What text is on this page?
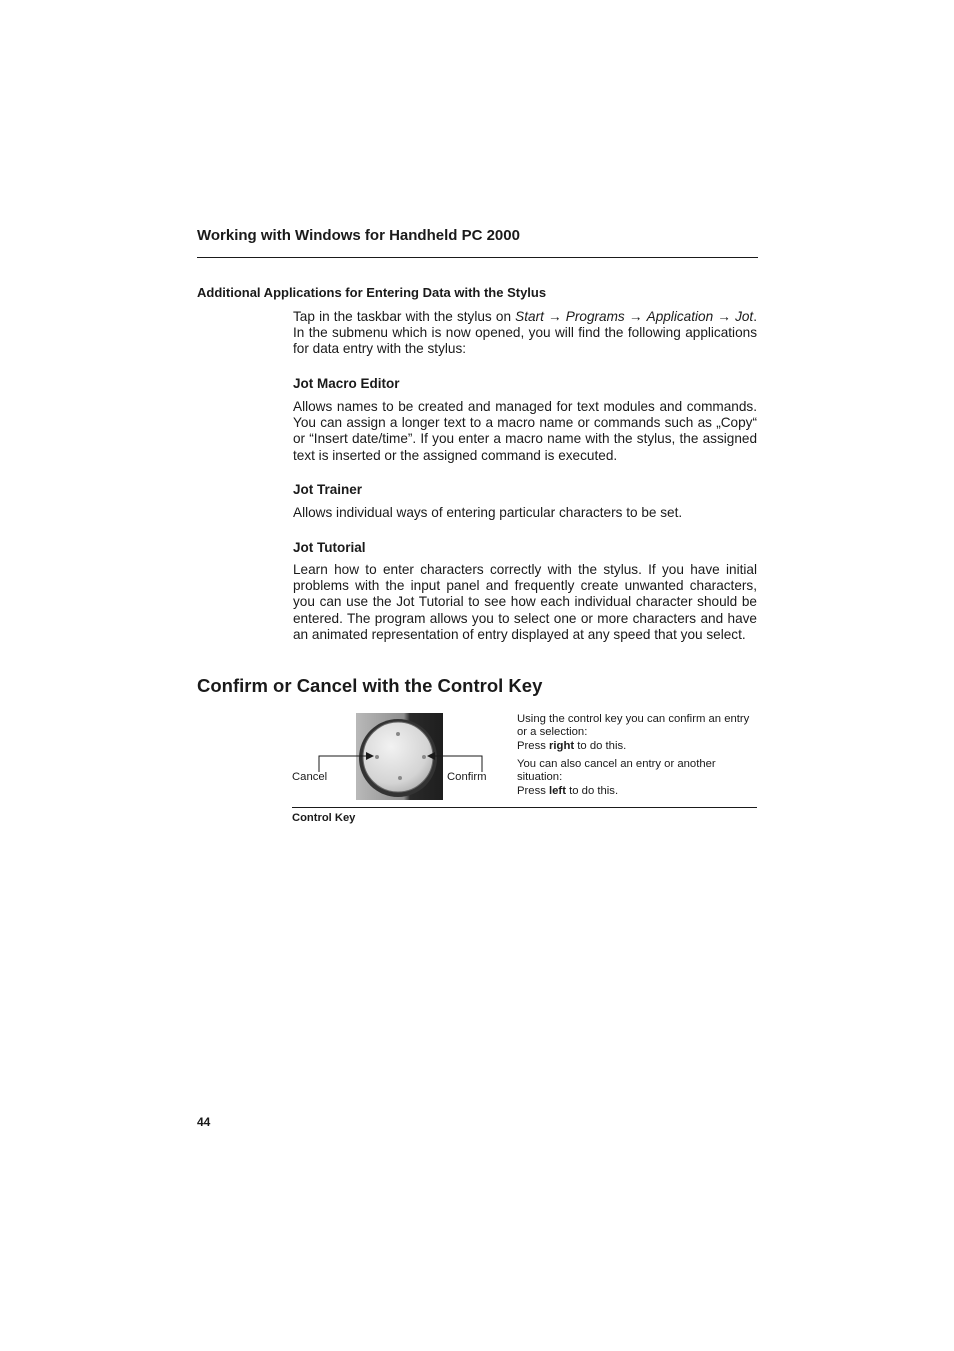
Working with Windows for Handheld PC 2000
Additional Applications for Entering Data with the Stylus
Tap in the taskbar with the stylus on Start → Programs → Application → Jot. In the submenu which is now opened, you will find the following applications for data entry with the stylus:
Jot Macro Editor
Allows names to be created and managed for text modules and commands. You can assign a longer text to a macro name or commands such as „Copy“ or “Insert date/time”. If you enter a macro name with the stylus, the assigned text is inserted or the assigned command is executed.
Jot Trainer
Allows individual ways of entering particular characters to be set.
Jot Tutorial
Learn how to enter characters correctly with the stylus. If you have initial problems with the input panel and frequently create unwanted characters, you can use the Jot Tutorial to see how each individual character should be entered. The program allows you to select one or more characters and have an animated representation of entry displayed at any speed that you select.
Confirm or Cancel with the Control Key
Cancel	Confirm
Using the control key you can confirm an entry or a selection:
Press right to do this.
You can also cancel an entry or another situation:
Press left to do this.
Control Key
44
